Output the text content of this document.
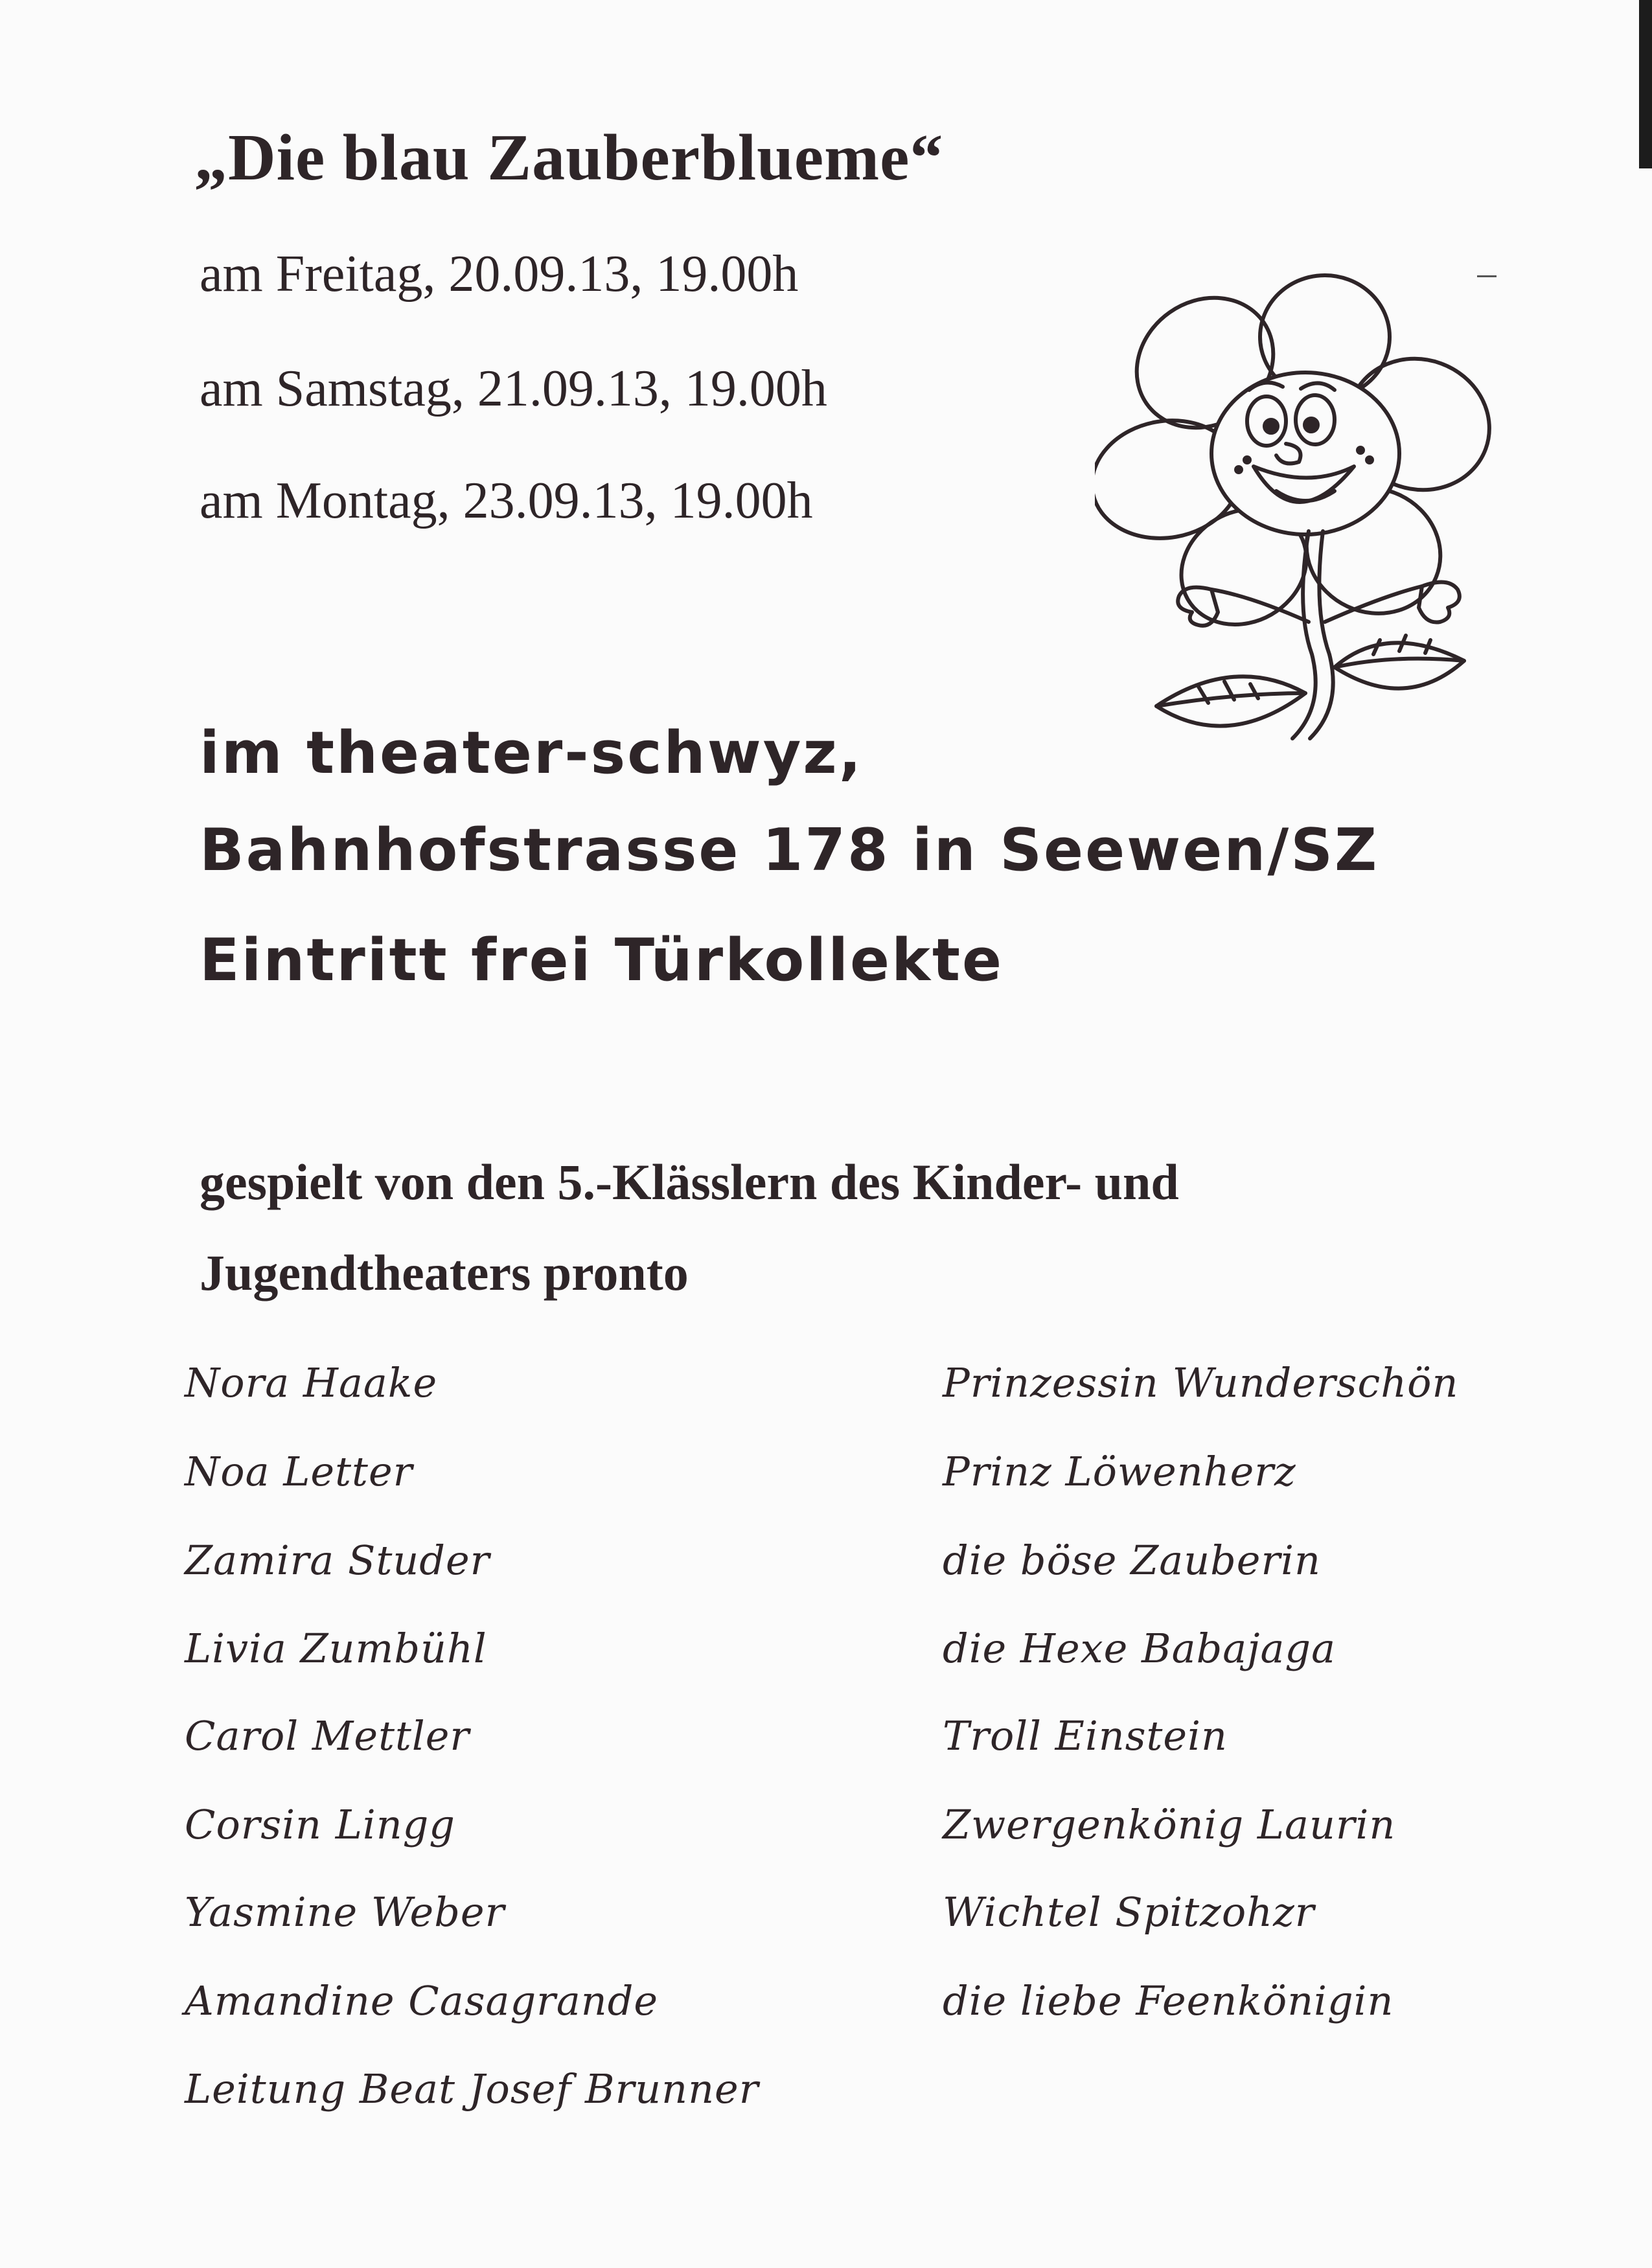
„Die blau Zauberblueme“

am Freitag, 20.09.13, 19.00h

am Samstag, 21.09.13, 19.00h

am Montag, 23.09.13, 19.00h

im theater-schwyz,
Bahnhofstrasse 178 in Seewen/SZ
Eintritt frei Türkollekte

gespielt von den 5.-Klässlern des Kinder- und

Jugendtheaters pronto

Nora Haake	Prinzessin Wunderschön

Noa Letter	Prinz Löwenherz

Zamira Studer	die böse Zauberin

Livia Zumbühl	die Hexe Babajaga

Carol Mettler	Troll Einstein

Corsin Lingg	Zwergenkönig Laurin

Yasmine Weber	Wichtel Spitzohzr

Amandine Casagrande	die liebe Feenkönigin

Leitung Beat Josef Brunner
